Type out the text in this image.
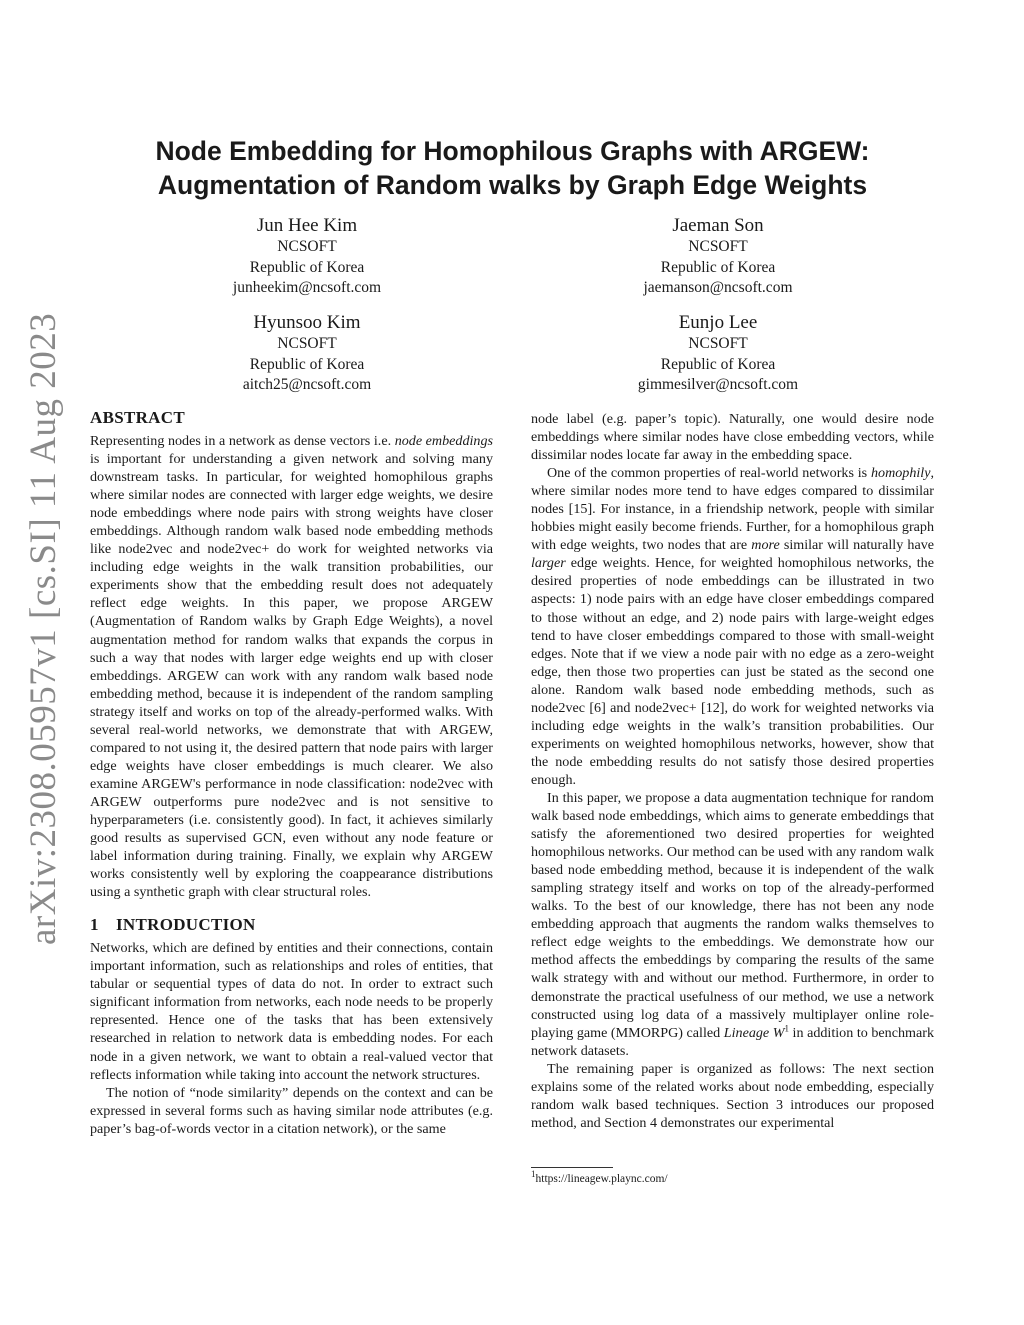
arXiv:2308.05957v1 [cs.SI] 11 Aug 2023
Node Embedding for Homophilous Graphs with ARGEW:
Augmentation of Random walks by Graph Edge Weights
Jun Hee Kim
NCSOFT
Republic of Korea
junheekim@ncsoft.com
Jaeman Son
NCSOFT
Republic of Korea
jaemanson@ncsoft.com
Hyunsoo Kim
NCSOFT
Republic of Korea
aitch25@ncsoft.com
Eunjo Lee
NCSOFT
Republic of Korea
gimmesilver@ncsoft.com
ABSTRACT

Representing nodes in a network as dense vectors i.e. node embeddings is important for understanding a given network and solving many downstream tasks. In particular, for weighted homophilous graphs where similar nodes are connected with larger edge weights, we desire node embeddings where node pairs with strong weights have closer embeddings. Although random walk based node embedding methods like node2vec and node2vec+ do work for weighted networks via including edge weights in the walk transition probabilities, our experiments show that the embedding result does not adequately reflect edge weights. In this paper, we propose ARGEW (Augmentation of Random walks by Graph Edge Weights), a novel augmentation method for random walks that expands the corpus in such a way that nodes with larger edge weights end up with closer embeddings. ARGEW can work with any random walk based node embedding method, because it is independent of the random sampling strategy itself and works on top of the already-performed walks. With several real-world networks, we demonstrate that with ARGEW, compared to not using it, the desired pattern that node pairs with larger edge weights have closer embeddings is much clearer. We also examine ARGEW's performance in node classification: node2vec with ARGEW outperforms pure node2vec and is not sensitive to hyperparameters (i.e. consistently good). In fact, it achieves similarly good results as supervised GCN, even without any node feature or label information during training. Finally, we explain why ARGEW works consistently well by exploring the coappearance distributions using a synthetic graph with clear structural roles.

1 INTRODUCTION

Networks, which are defined by entities and their connections, contain important information, such as relationships and roles of entities, that tabular or sequential types of data do not. In order to extract such significant information from networks, each node needs to be properly represented. Hence one of the tasks that has been extensively researched in relation to network data is embedding nodes. For each node in a given network, we want to obtain a real-valued vector that reflects information while taking into account the network structures.

The notion of “node similarity” depends on the context and can be expressed in several forms such as having similar node attributes (e.g. paper’s bag-of-words vector in a citation network), or the same

node label (e.g. paper’s topic). Naturally, one would desire node embeddings where similar nodes have close embedding vectors, while dissimilar nodes locate far away in the embedding space.

One of the common properties of real-world networks is homophily, where similar nodes more tend to have edges compared to dissimilar nodes [15]. For instance, in a friendship network, people with similar hobbies might easily become friends. Further, for a homophilous graph with edge weights, two nodes that are more similar will naturally have larger edge weights. Hence, for weighted homophilous networks, the desired properties of node embeddings can be illustrated in two aspects: 1) node pairs with an edge have closer embeddings compared to those without an edge, and 2) node pairs with large-weight edges tend to have closer embeddings compared to those with small-weight edges. Note that if we view a node pair with no edge as a zero-weight edge, then those two properties can just be stated as the second one alone. Random walk based node embedding methods, such as node2vec [6] and node2vec+ [12], do work for weighted networks via including edge weights in the walk’s transition probabilities. Our experiments on weighted homophilous networks, however, show that the node embedding results do not satisfy those desired properties enough.

In this paper, we propose a data augmentation technique for random walk based node embeddings, which aims to generate embeddings that satisfy the aforementioned two desired properties for weighted homophilous networks. Our method can be used with any random walk based node embedding method, because it is independent of the walk sampling strategy itself and works on top of the already-performed walks. To the best of our knowledge, there has not been any node embedding approach that augments the random walks themselves to reflect edge weights to the embeddings. We demonstrate how our method affects the embeddings by comparing the results of the same walk strategy with and without our method. Furthermore, in order to demonstrate the practical usefulness of our method, we use a network constructed using log data of a massively multiplayer online role-playing game (MMORPG) called Lineage $W^1$ in addition to benchmark network datasets.

The remaining paper is organized as follows: The next section explains some of the related works about node embedding, especially random walk based techniques. Section 3 introduces our proposed method, and Section 4 demonstrates our experimental

$^1$https://lineagew.plaync.com/
